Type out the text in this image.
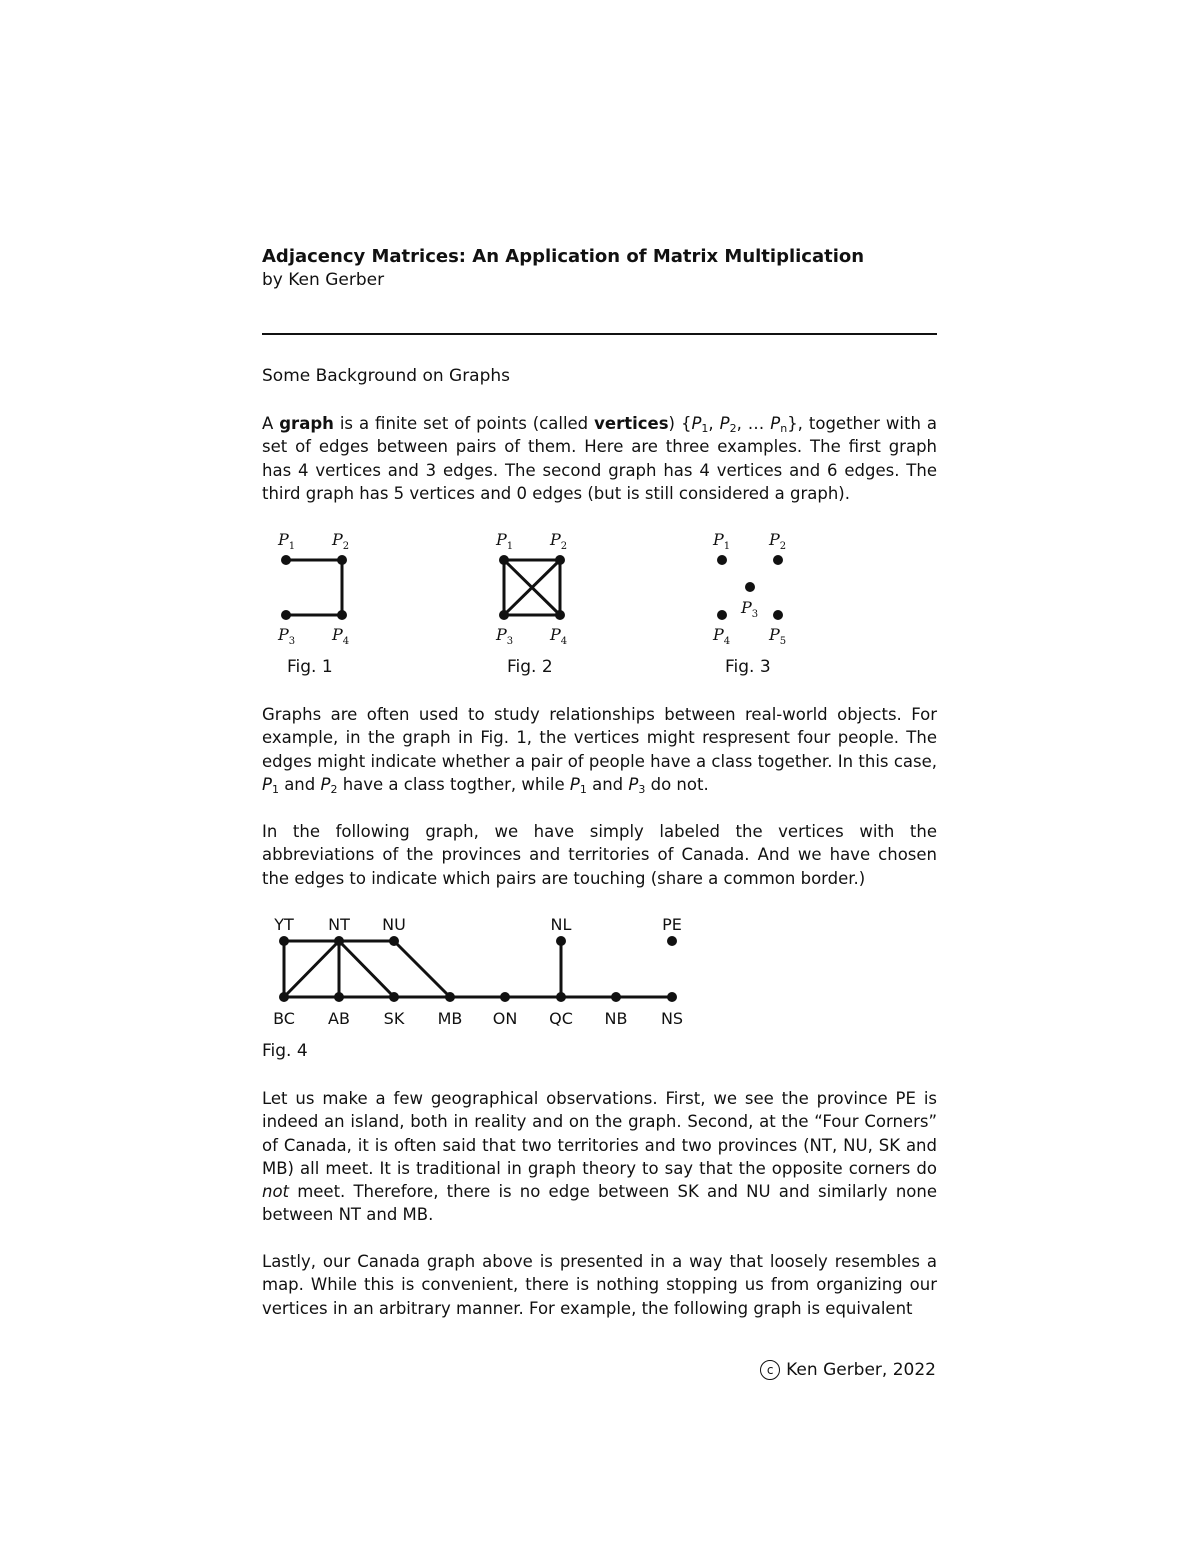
Adjacency Matrices: An Application of Matrix Multiplication
by Ken Gerber
Some Background on Graphs
A graph is a finite set of points (called vertices) {$P_1$, $P_2$, … $P_n$}, together with a set of edges between pairs of them. Here are three examples. The first graph has 4 vertices and 3 edges. The second graph has 4 vertices and 6 edges. The third graph has 5 vertices and 0 edges (but is still considered a graph).
$P_1$ $P_2$
$P_3$ $P_4$
Fig. 1
$P_1$ $P_2$
$P_3$ $P_4$
Fig. 2
$P_1$ $P_2$
$P_3$
$P_4$ $P_5$
Fig. 3
Graphs are often used to study relationships between real-world objects. For example, in the graph in Fig. 1, the vertices might respresent four people. The edges might indicate whether a pair of people have a class together. In this case, $P_1$ and $P_2$ have a class togther, while $P_1$ and $P_3$ do not.
In the following graph, we have simply labeled the vertices with the abbreviations of the provinces and territories of Canada. And we have chosen the edges to indicate which pairs are touching (share a common border.)
YT NT NU	NL	PE
BC AB SK MB ON QC NB NS
Fig. 4
Let us make a few geographical observations. First, we see the province PE is indeed an island, both in reality and on the graph. Second, at the “Four Corners” of Canada, it is often said that two territories and two provinces (NT, NU, SK and MB) all meet. It is traditional in graph theory to say that the opposite corners do not meet. Therefore, there is no edge between SK and NU and similarly none between NT and MB.
Lastly, our Canada graph above is presented in a way that loosely resembles a map. While this is convenient, there is nothing stopping us from organizing our vertices in an arbitrary manner. For example, the following graph is equivalent
c Ken Gerber, 2022
